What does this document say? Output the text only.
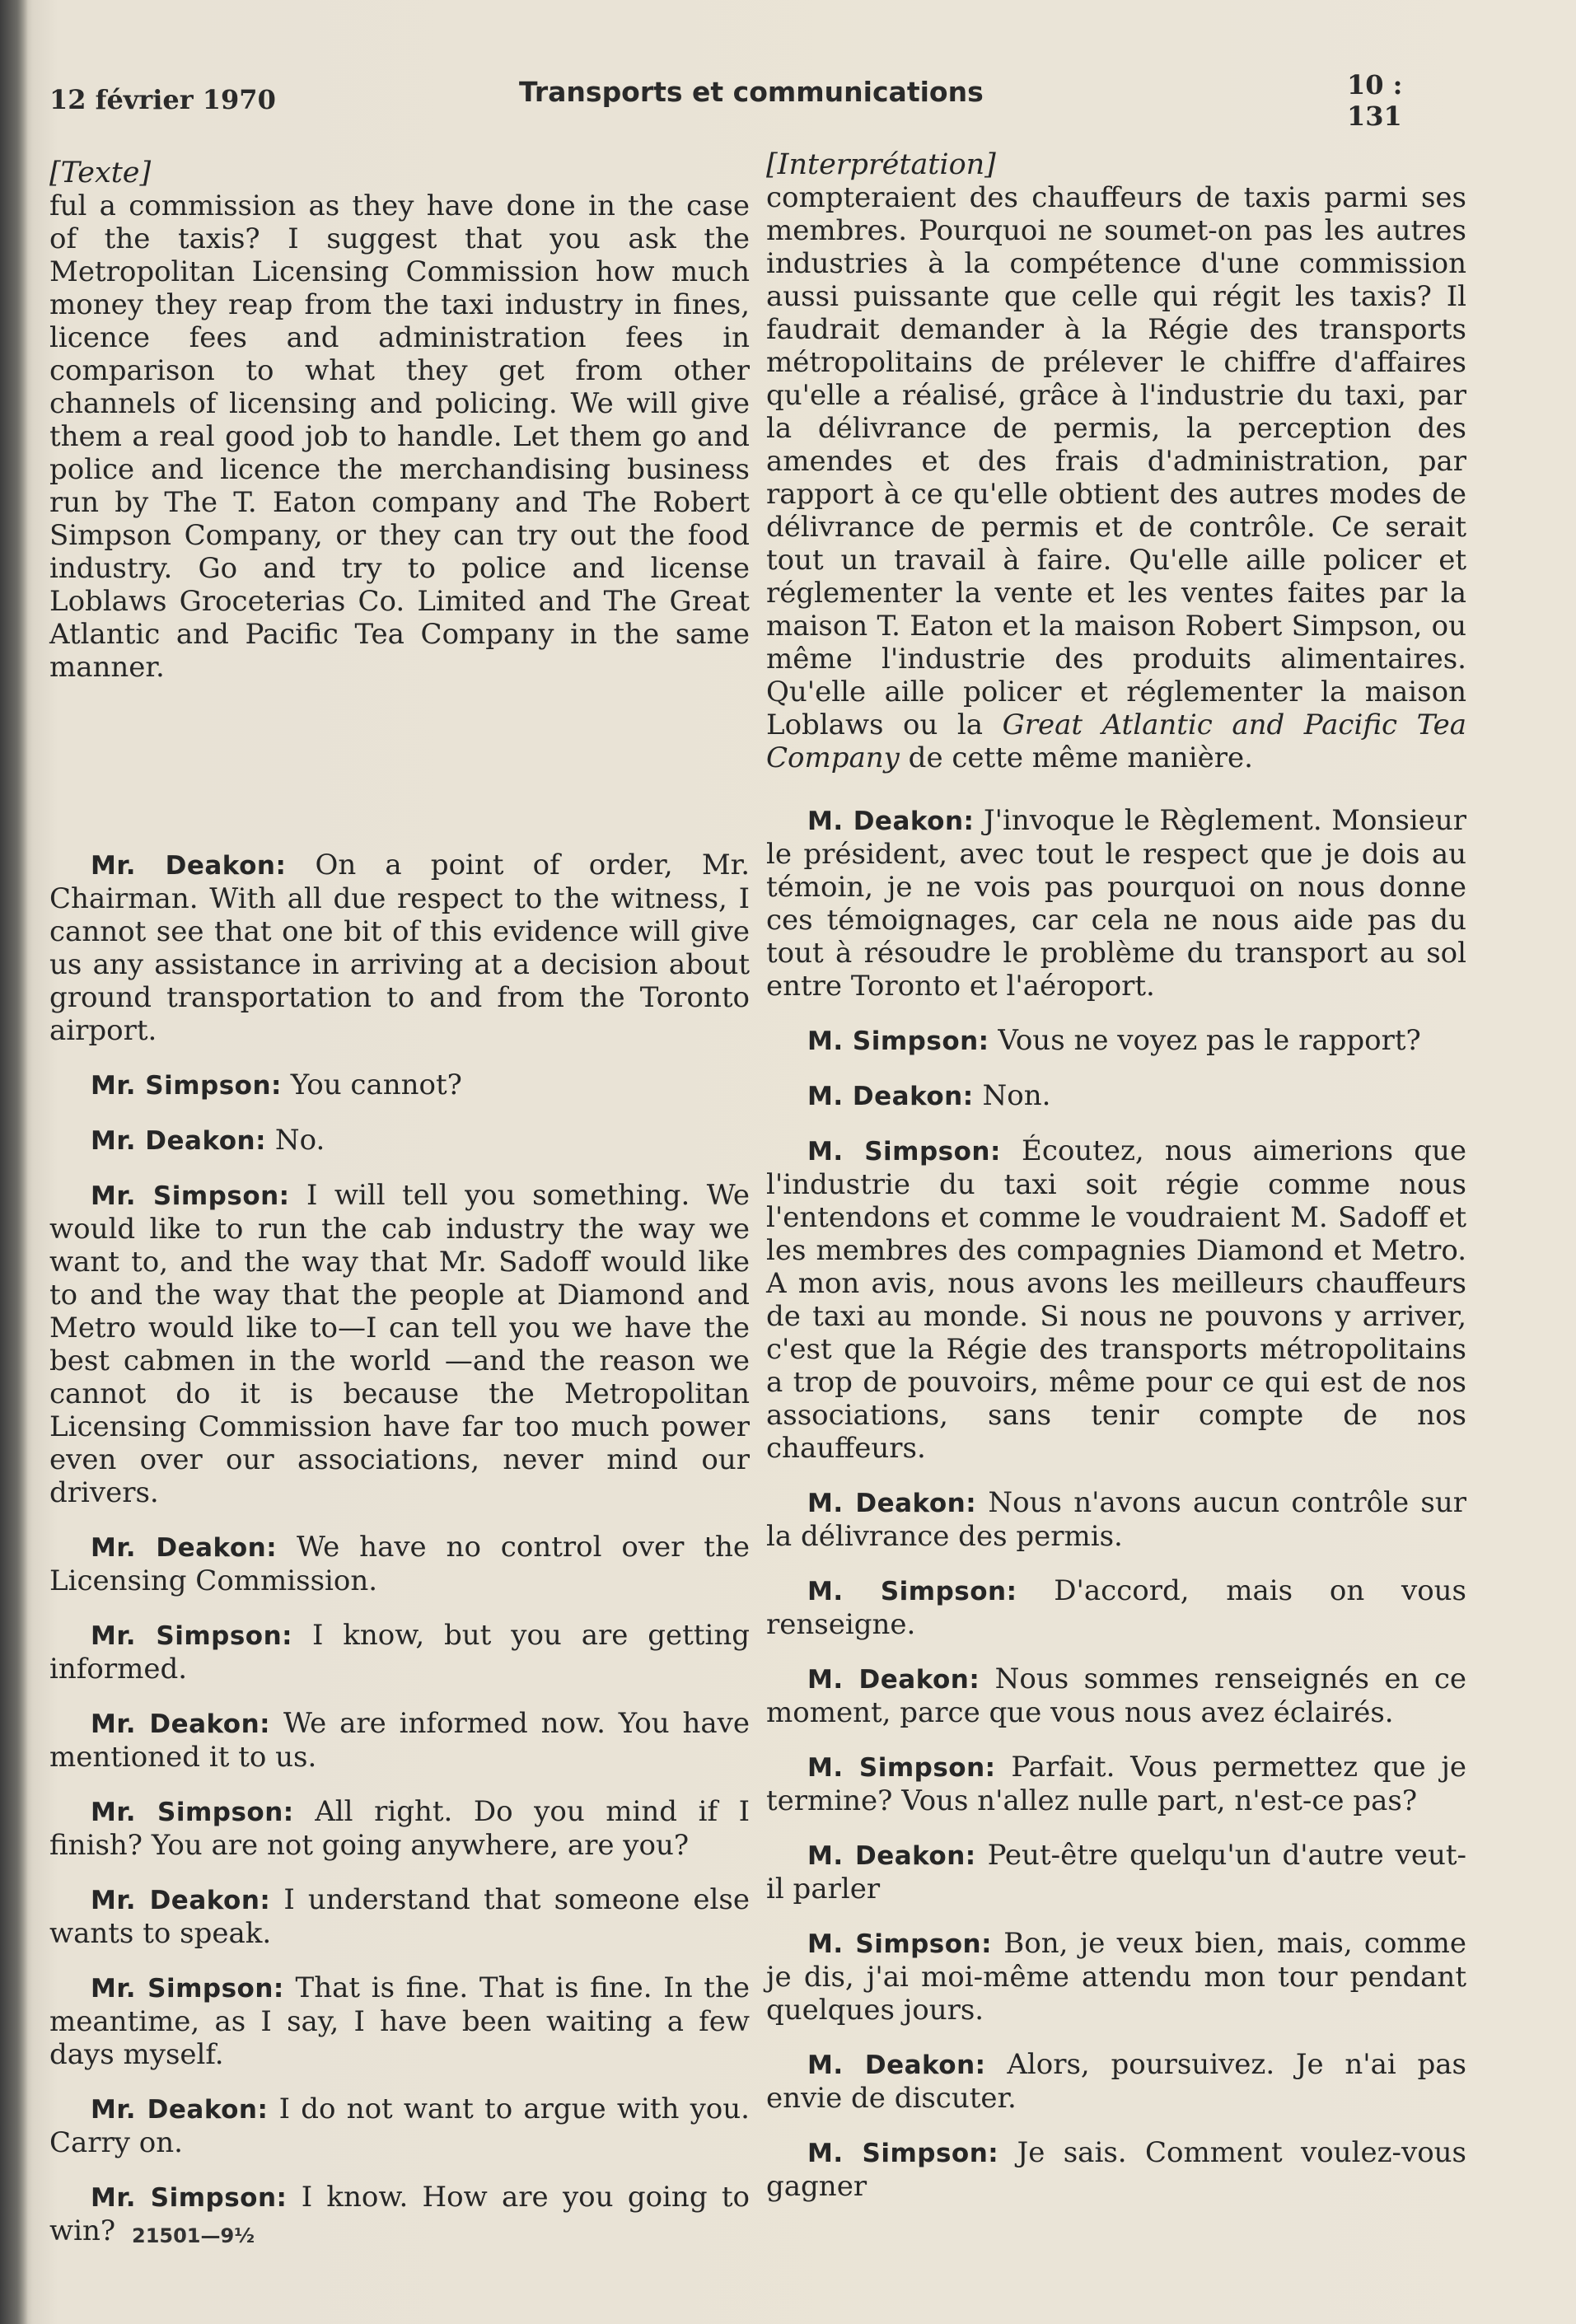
12 février 1970	Transports et communications	10 : 131

[Texte]

ful a commission as they have done in the case of the taxis? I suggest that you ask the Metropolitan Licensing Commission how much money they reap from the taxi industry in fines, licence fees and administration fees in comparison to what they get from other channels of licensing and policing. We will give them a real good job to handle. Let them go and police and licence the merchandising business run by The T. Eaton company and The Robert Simpson Company, or they can try out the food industry. Go and try to police and license Loblaws Groceterias Co. Limited and The Great Atlantic and Pacific Tea Company in the same manner.

Mr. Deakon: On a point of order, Mr. Chairman. With all due respect to the witness, I cannot see that one bit of this evidence will give us any assistance in arriving at a decision about ground transportation to and from the Toronto airport.

Mr. Simpson: You cannot?

Mr. Deakon: No.

Mr. Simpson: I will tell you something. We would like to run the cab industry the way we want to, and the way that Mr. Sadoff would like to and the way that the people at Diamond and Metro would like to—I can tell you we have the best cabmen in the world —and the reason we cannot do it is because the Metropolitan Licensing Commission have far too much power even over our associations, never mind our drivers.

Mr. Deakon: We have no control over the Licensing Commission.

Mr. Simpson: I know, but you are getting informed.

Mr. Deakon: We are informed now. You have mentioned it to us.

Mr. Simpson: All right. Do you mind if I finish? You are not going anywhere, are you?

Mr. Deakon: I understand that someone else wants to speak.

Mr. Simpson: That is fine. That is fine. In the meantime, as I say, I have been waiting a few days myself.

Mr. Deakon: I do not want to argue with you. Carry on.

Mr. Simpson: I know. How are you going to win?

[Interprétation]

compteraient des chauffeurs de taxis parmi ses membres. Pourquoi ne soumet-on pas les autres industries à la compétence d'une commission aussi puissante que celle qui régit les taxis? Il faudrait demander à la Régie des transports métropolitains de prélever le chiffre d'affaires qu'elle a réalisé, grâce à l'industrie du taxi, par la délivrance de permis, la perception des amendes et des frais d'administration, par rapport à ce qu'elle obtient des autres modes de délivrance de permis et de contrôle. Ce serait tout un travail à faire. Qu'elle aille policer et réglementer la vente et les ventes faites par la maison T. Eaton et la maison Robert Simpson, ou même l'industrie des produits alimentaires. Qu'elle aille policer et réglementer la maison Loblaws ou la Great Atlantic and Pacific Tea Company de cette même manière.

M. Deakon: J'invoque le Règlement. Monsieur le président, avec tout le respect que je dois au témoin, je ne vois pas pourquoi on nous donne ces témoignages, car cela ne nous aide pas du tout à résoudre le problème du transport au sol entre Toronto et l'aéroport.

M. Simpson: Vous ne voyez pas le rapport?

M. Deakon: Non.

M. Simpson: Écoutez, nous aimerions que l'industrie du taxi soit régie comme nous l'entendons et comme le voudraient M. Sadoff et les membres des compagnies Diamond et Metro. A mon avis, nous avons les meilleurs chauffeurs de taxi au monde. Si nous ne pouvons y arriver, c'est que la Régie des transports métropolitains a trop de pouvoirs, même pour ce qui est de nos associations, sans tenir compte de nos chauffeurs.

M. Deakon: Nous n'avons aucun contrôle sur la délivrance des permis.

M. Simpson: D'accord, mais on vous renseigne.

M. Deakon: Nous sommes renseignés en ce moment, parce que vous nous avez éclairés.

M. Simpson: Parfait. Vous permettez que je termine? Vous n'allez nulle part, n'est-ce pas?

M. Deakon: Peut-être quelqu'un d'autre veut-il parler

M. Simpson: Bon, je veux bien, mais, comme je dis, j'ai moi-même attendu mon tour pendant quelques jours.

M. Deakon: Alors, poursuivez. Je n'ai pas envie de discuter.

M. Simpson: Je sais. Comment voulez-vous gagner

21501—9½
